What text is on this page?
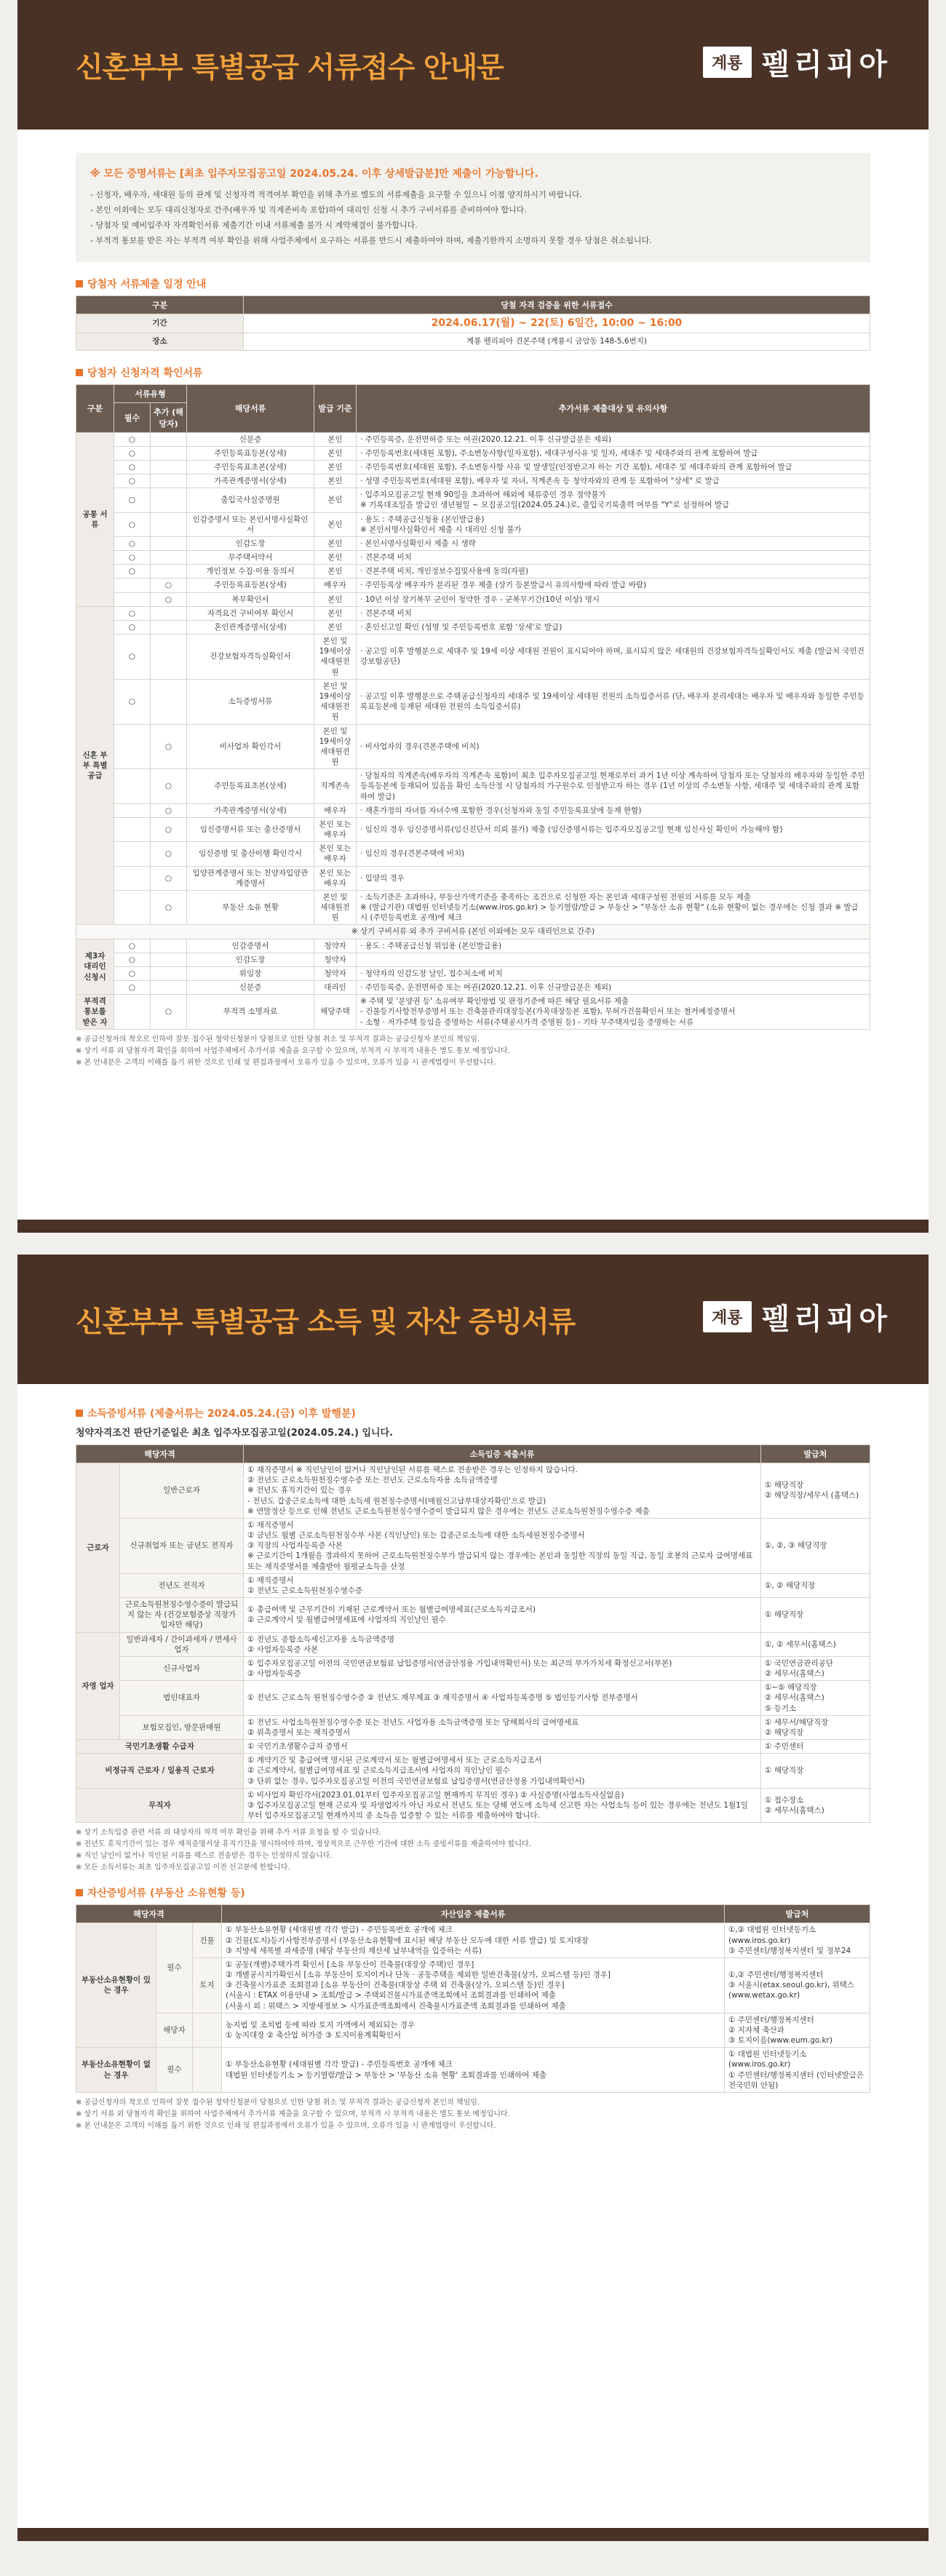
신혼부부 특별공급 서류접수 안내문	계룡 펠리피아
※ 모든 증명서류는 [최초 입주자모집공고일 2024.05.24. 이후 상세발급분]만 제출이 가능합니다.
- 신청자, 배우자, 세대원 등의 관계 및 신청자격 적격여부 확인을 위해 추가로 별도의 서류제출을 요구할 수 있으니 이점 양지하시기 바랍니다.
- 본인 이외에는 모두 대리신청자로 간주(배우자 및 직계존비속 포함)하여 대리인 신청 시 추가 구비서류를 준비하여야 합니다.
- 당첨자 및 예비입주자 자격확인서류 제출기간 이내 서류제출 불가 시 계약체결이 불가합니다.
- 부적격 통보를 받은 자는 부적격 여부 확인을 위해 사업주체에서 요구하는 서류를 반드시 제출하여야 하며, 제출기한까지 소명하지 못할 경우 당첨은 취소됩니다.
당첨자 서류제출 일정 안내
구분	당첨 자격 검증을 위한 서류접수
기간	2024.06.17(월) ~ 22(토) 6일간, 10:00 ~ 16:00
장소	계룡 펠리피아 견본주택 (계룡시 금암동 148-5,6번지)
당첨자 신청자격 확인서류
구분	서류유형		해당서류	발급 기준	추가서류 제출대상 및 유의사항
	필수	추가 (해당자)			
공통 서류	○		신분증	본인	· 주민등록증, 운전면허증 또는 여권(2020.12.21. 이후 신규발급분은 제외)
	○		주민등록표등본(상세)	본인	· 주민등록번호(세대원 포함), 주소변동사항(일자포함), 세대구성사유 및 일자, 세대주 및 세대주와의 관계 포함하여 발급
	○		주민등록표초본(상세)	본인	· 주민등록번호(세대원 포함), 주소변동사항 사유 및 발생일(인정받고자 하는 기간 포함), 세대주 및 세대주와의 관계 포함하여 발급
	○		가족관계증명서(상세)	본인	· 성명 주민등록번호(세대원 포함), 배우자 및 자녀, 직계존속 등 청약자와의 관계 등 포함하여 "상세" 로 발급
	○		출입국사실증명원	본인	· 입주자모집공고일 현재 90일을 초과하여 해외에 체류중인 경우 정약불가
※ 기록대조일을 발급인 생년월일 ~ 모집공고일(2024.05.24.)로, 출입국기록출력 여부를 "Y"로 설정하여 발급
	○		인감증명서 또는 본인서명사실확인서	본인	· 용도 : 주택공급신청용 (본인발급용)
※ 본인서명사실확인서 제출 시 대리인 신청 불가
	○		인감도장	본인	· 본인서명사실확인서 제출 시 생략
	○		무주택서약서	본인	· 견본주택 비치
	○		개인정보 수집·이용 동의서	본인	· 견본주택 비치, 개인정보수집및사용에 동의(자필)
		○	주민등록표등본(상세)	배우자	· 주민등록상 배우자가 분리된 경우 제출 (상기 등본발급시 유의사항에 따라 발급 바람)
		○	복무확인서	본인	· 10년 이상 장기복무 군인이 청약한 경우 - 군복무기간(10년 이상) 명시
신혼 부부 특별 공급	○		자격요건 구비여부 확인서	본인	· 견본주택 비치
	○		혼인관계증명서(상세)	본인	· 혼인신고일 확인 (성명 및 주민등록번호 포함 '상세'로 발급)
	○		건강보험자격득실확인서	본인 및 19세이상 세대원전원	· 공고일 이후 발행분으로 세대주 및 19세 이상 세대원 전원이 표시되어야 하며, 표시되지 않은 세대원의 건강보험자격득실확인서도 제출 (발급처 국민건강보험공단)
	○		소득증빙서류	본인 및 19세이상 세대원전원	· 공고일 이후 발행분으로 주택공급신청자의 세대주 및 19세이상 세대원 전원의 소득입증서류 (단, 배우자 분리세대는 배우자 및 배우자와 동일한 주민등록표등본에 등재된 세대원 전원의 소득입증서류)
		○	비사업자 확인각서	본인 및 19세이상 세대원전원	· 비사업자의 경우(견본주택에 비치)
		○	주민등록표초본(상세)	직계존속	· 당첨자의 직계존속(배우자의 직계존속 포함)이 최초 입주자모집공고일 현재로부터 과거 1년 이상 계속하여 당첨자 또는 당첨자의 배우자와 동일한 주민등록등본에 등재되어 있음을 확인 소득산정 시 당첨자의 가구원수로 인정받고자 하는 경우 (1년 이상의 주소변동 사항, 세대주 및 세대주와의 관계 포함하여 발급)
		○	가족관계증명서(상세)	배우자	· 재혼가정의 자녀를 자녀수에 포함한 경우(신청자와 동일 주민등록표상에 등재 한함)
		○	임신증명서류 또는 출산증명서	본인 또는 배우자	· 임신의 경우 임신증명서류(임신진단서 의뢰 불가) 제출 (임신증명서류는 입주자모집공고일 현재 임신사실 확인이 가능해야 함)
		○	임신증명 및 출산이행 확인각서	본인 또는 배우자	· 임신의 경우(견본주택에 비치)
		○	입양관계증명서 또는 친양자입양관계증명서	본인 또는 배우자	· 입양의 경우
		○	부동산 소유 현황	본인 및 세대원전원	· 소득기준은 초과하나, 부동산가액기준을 충족하는 조건으로 신청한 자는 본인과 세대구성원 전원의 서류를 모두 제출
※ (발급기관) 대법원 인터넷등기소(www.iros.go.kr) > 등기열람/발급 > 부동산 > "부동산 소유 현황" (소유 현황이 없는 경우에는 신청 결과 ※ 발급 시 (주민등록번호 공개)에 체크
※ 상기 구비서류 외 추가 구비서류 (본인 이외에는 모두 대리인으로 간주)					
제3자 대리인 신청시	○		인감증명서	청약자	· 용도 : 주택공급신청 위임용 (본인발급용)
	○		인감도장	청약자	
	○		위임장	청약자	· 청약자의 인감도장 날인, 접수처소에 비치
	○		신분증	대리인	· 주민등록증, 운전면허증 또는 여권(2020.12.21. 이후 신규발급분은 제외)
부적격 통보를 받은 자		○	부적격 소명자료	해당주택	※ 주택 및 '분양권 등' 소유여부 확인방법 및 판정기준에 따른 해당 필요서류 제출
- 건물등기사항전부증명서 또는 건축물관리대장등본(가옥대장등본 포함), 무허가건물확인서 또는 철거예정증명서
- 소형 · 저가주택 등임을 증명하는 서류(주택공시가격 증명원 등) - 기타 무주택자임을 증명하는 서류
※ 공급신청자의 착오로 인하여 잘못 접수된 청약신청분이 당첨으로 인한 당첨 취소 및 부적격 결과는 공급신청자 본인의 책임임.
※ 상기 서류 외 당첨자격 확인을 위하여 사업주체에서 추가서류 제출을 요구할 수 있으며, 부적격 시 부적격 내용은 별도 통보 예정입니다.
※ 본 안내문은 고객의 이해를 돕기 위한 것으로 인쇄 및 편집과정에서 오류가 있을 수 있으며, 오류가 있을 시 관계법령이 우선합니다.
신혼부부 특별공급 소득 및 자산 증빙서류	계룡 펠리피아
소득증빙서류 (제출서류는 2024.05.24.(금) 이후 발행분)
청약자격조건 판단기준일은 최초 입주자모집공고일(2024.05.24.) 입니다.
해당자격		소득입증 제출서류	발급처
근로자	일반근로자	① 재직증명서 ※ 직인날인이 없거나 직인날인된 서류를 팩스로 전송받은 경우는 인정하지 않습니다.
② 전년도 근로소득원천징수영수증 또는 전년도 근로소득자용 소득금액증명
※ 전년도 휴직기간이 있는 경우
- 전년도 갑종근로소득에 대한 소득세 원천징수증명서(매월신고납부대상자확인'으로 발급)
※ 연말정산 등으로 인해 전년도 근로소득원천징수영수증이 발급되지 않은 경우에는 전년도 근로소득원천징수영수증 제출	① 해당직장
② 해당직장/세무서 (홈택스)
	신규취업자 또는 금년도 전직자	① 재직증명서
② 금년도 월별 근로소득원천징수부 사본 (직인날인) 또는 갑종근로소득에 대한 소득세원천징수증명서
③ 직장의 사업자등록증 사본
※ 근로기간이 1개월을 경과하지 못하여 근로소득원천징수부가 발급되지 않는 경우에는 본인과 동일한 직장의 동일 직급, 동일 호봉의 근로자 급여명세표 또는 재직증명서를 제출받아 월평균소득을 산정	①, ②, ③ 해당직장
	전년도 전직자	① 재직증명서
② 전년도 근로소득원천징수영수증	①, ② 해당직장
	근로소득원천징수영수증이 발급되지 않는 자 (건강보험증상 직장가입자만 해당)	① 총급여액 및 근무기간이 기재된 근로계약서 또는 월별급여명세표(근로소득지급조서)
② 근로계약서 및 월별급여명세표에 사업자의 직인날인 필수	① 해당직장
자영 업자	일반과세자 / 간이과세자 / 면세사업자	① 전년도 종합소득세신고자용 소득금액증명
② 사업자등록증 사본	①, ② 세무서(홈택스)
	신규사업자	① 입주자모집공고일 이전의 국민연금보험료 납입증명서(연금산정용 가입내역확인서) 또는 최근의 부가가치세 확정신고서(부본)
② 사업자등록증	① 국민연금관리공단
② 세무서(홈택스)
	법인대표자	① 전년도 근로소득 원천징수영수증 ② 전년도 재무제표 ③ 재직증명서 ④ 사업자등록증명 ⑤ 법인등기사항 전부증명서	①~⑤ 해당직장
② 세무서(홈택스)
⑤ 등기소
	보험모집인, 방문판매원	① 전년도 사업소득원천징수영수증 또는 전년도 사업자용 소득금액증명 또는 당해회사의 급여명세표
② 위촉증명서 또는 재직증명서	① 세무서/해당직장
② 해당직장
국민기초생활 수급자		① 국민기초생활수급자 증명서	① 주민센터
비정규직 근로자 / 일용직 근로자		① 계약기간 및 총급여액 명시된 근로계약서 또는 월별급여명세서 또는 근로소득지급조서
② 근로계약서, 월별급여명세표 및 근로소득지급조서에 사업자의 직인날인 필수
③ 단위 없는 경우, 입주자모집공고일 이전의 국민연금보험료 납입증명서(연금산정용 가입내역확인서)	① 해당직장
무직자		① 비사업자 확인각서(2023.01.01부터 입주자모집공고일 현재까지 무직인 경우) ② 사실증명(사업소득사실없음)
③ 입주자모집공고일 현재 근로자 및 자영업자가 아닌 자로서 전년도 또는 당해 연도에 소득세 신고한 자는 사업소득 등이 있는 경우에는 전년도 1월1일 부터 입주자모집공고일 현재까지의 종 소득을 입증할 수 있는 서류를 제출하여야 합니다.	① 접수장소
② 세무서(홈택스)
※ 상기 소득입증 관련 서류 외 대상자의 적격 여부 확인을 위해 추가 서류 요청을 할 수 있습니다.
※ 전년도 휴직기간이 있는 경우 재직증명서상 휴직기간을 명시하여야 하며, 정상적으로 근무한 기간에 대한 소득 증빙서류를 제출하여야 합니다.
※ 직인 날인이 없거나 직인된 서류를 팩스로 전송받은 경우는 인정하지 않습니다.
※ 모든 소득서류는 최초 입주자모집공고일 이전 신고분에 한합니다.
자산증빙서류 (부동산 소유현황 등)
해당자격			자산입증 제출서류	발급처
부동산소유현황이 있는 경우	필수	건물	① 부동산소유현황 (세대원별 각각 발급) - 주민등록번호 공개에 체크
② 건물(토지)등기사항전부증명서 (부동산소유현황에 표시된 해당 부동산 모두에 대한 서류 발급) 및 토지대장
③ 지방세 세목별 과세증명 (해당 부동산의 재산세 납부내역을 입증하는 서류)	①,② 대법원 인터넷등기소 (www.iros.go.kr)
③ 주민센터/행정복지센터 및 정부24
		토지	① 공동(개별)주택가격 확인서 [소유 부동산이 건축물(대장상 주택)인 경우]
② 개별공시지가확인서 [소유 부동산이 토지이거나 단독 · 공동주택을 제외한 일반건축물(상가, 오피스텔 등)인 경우]
③ 건축물시가표준 조회결과 [소유 부동산이 건축물(대장상 주택 외 건축물(상가, 오피스텔 등)인 경우]
(서울시 : ETAX 이용안내 > 조회/발급 > 주택외건물시가표준액조회에서 조회결과를 인쇄하여 제출
(서울시 외 : 위택스 > 지방세정보 > 시가표준액조회에서 건축물시가표준액 조회결과를 인쇄하여 제출	①,② 주민센터/행정복지센터
③ 서울시(etax.seoul.go.kr), 위택스(www.wetax.go.kr)
	해당자		농지법 및 조치법 등에 따라 토지 가액에서 제외되는 경우
① 농지대장 ② 축산업 허가증 ③ 토지이용계획확인서	① 주민센터/행정복지센터
② 지자체 축산과
③ 토지이음(www.eum.go.kr)
부동산소유현황이 없는 경우	필수		① 부동산소유현황 (세대원별 각각 발급) - 주민등록번호 공개에 체크
대법원 인터넷등기소 > 등기열람/발급 > 부동산 > '부동산 소유 현황' 조회결과를 인쇄하여 제출	① 대법원 인터넷등기소(www.iros.go.kr)
① 주민센터/행정복지센터 (인터넷발급은 전국민위 안됨)
※ 공급신청자의 착오로 인하여 잘못 접수된 청약신청분이 당첨으로 인한 당첨 취소 및 부적격 결과는 공급신청자 본인의 책임임.
※ 상기 서류 외 당첨자격 확인을 위하여 사업주체에서 추가서류 제출을 요구할 수 있으며, 부적격 시 부적격 내용은 별도 통보 예정입니다.
※ 본 안내문은 고객의 이해를 돕기 위한 것으로 인쇄 및 편집과정에서 오류가 있을 수 있으며, 오류가 있을 시 관계법령이 우선합니다.
